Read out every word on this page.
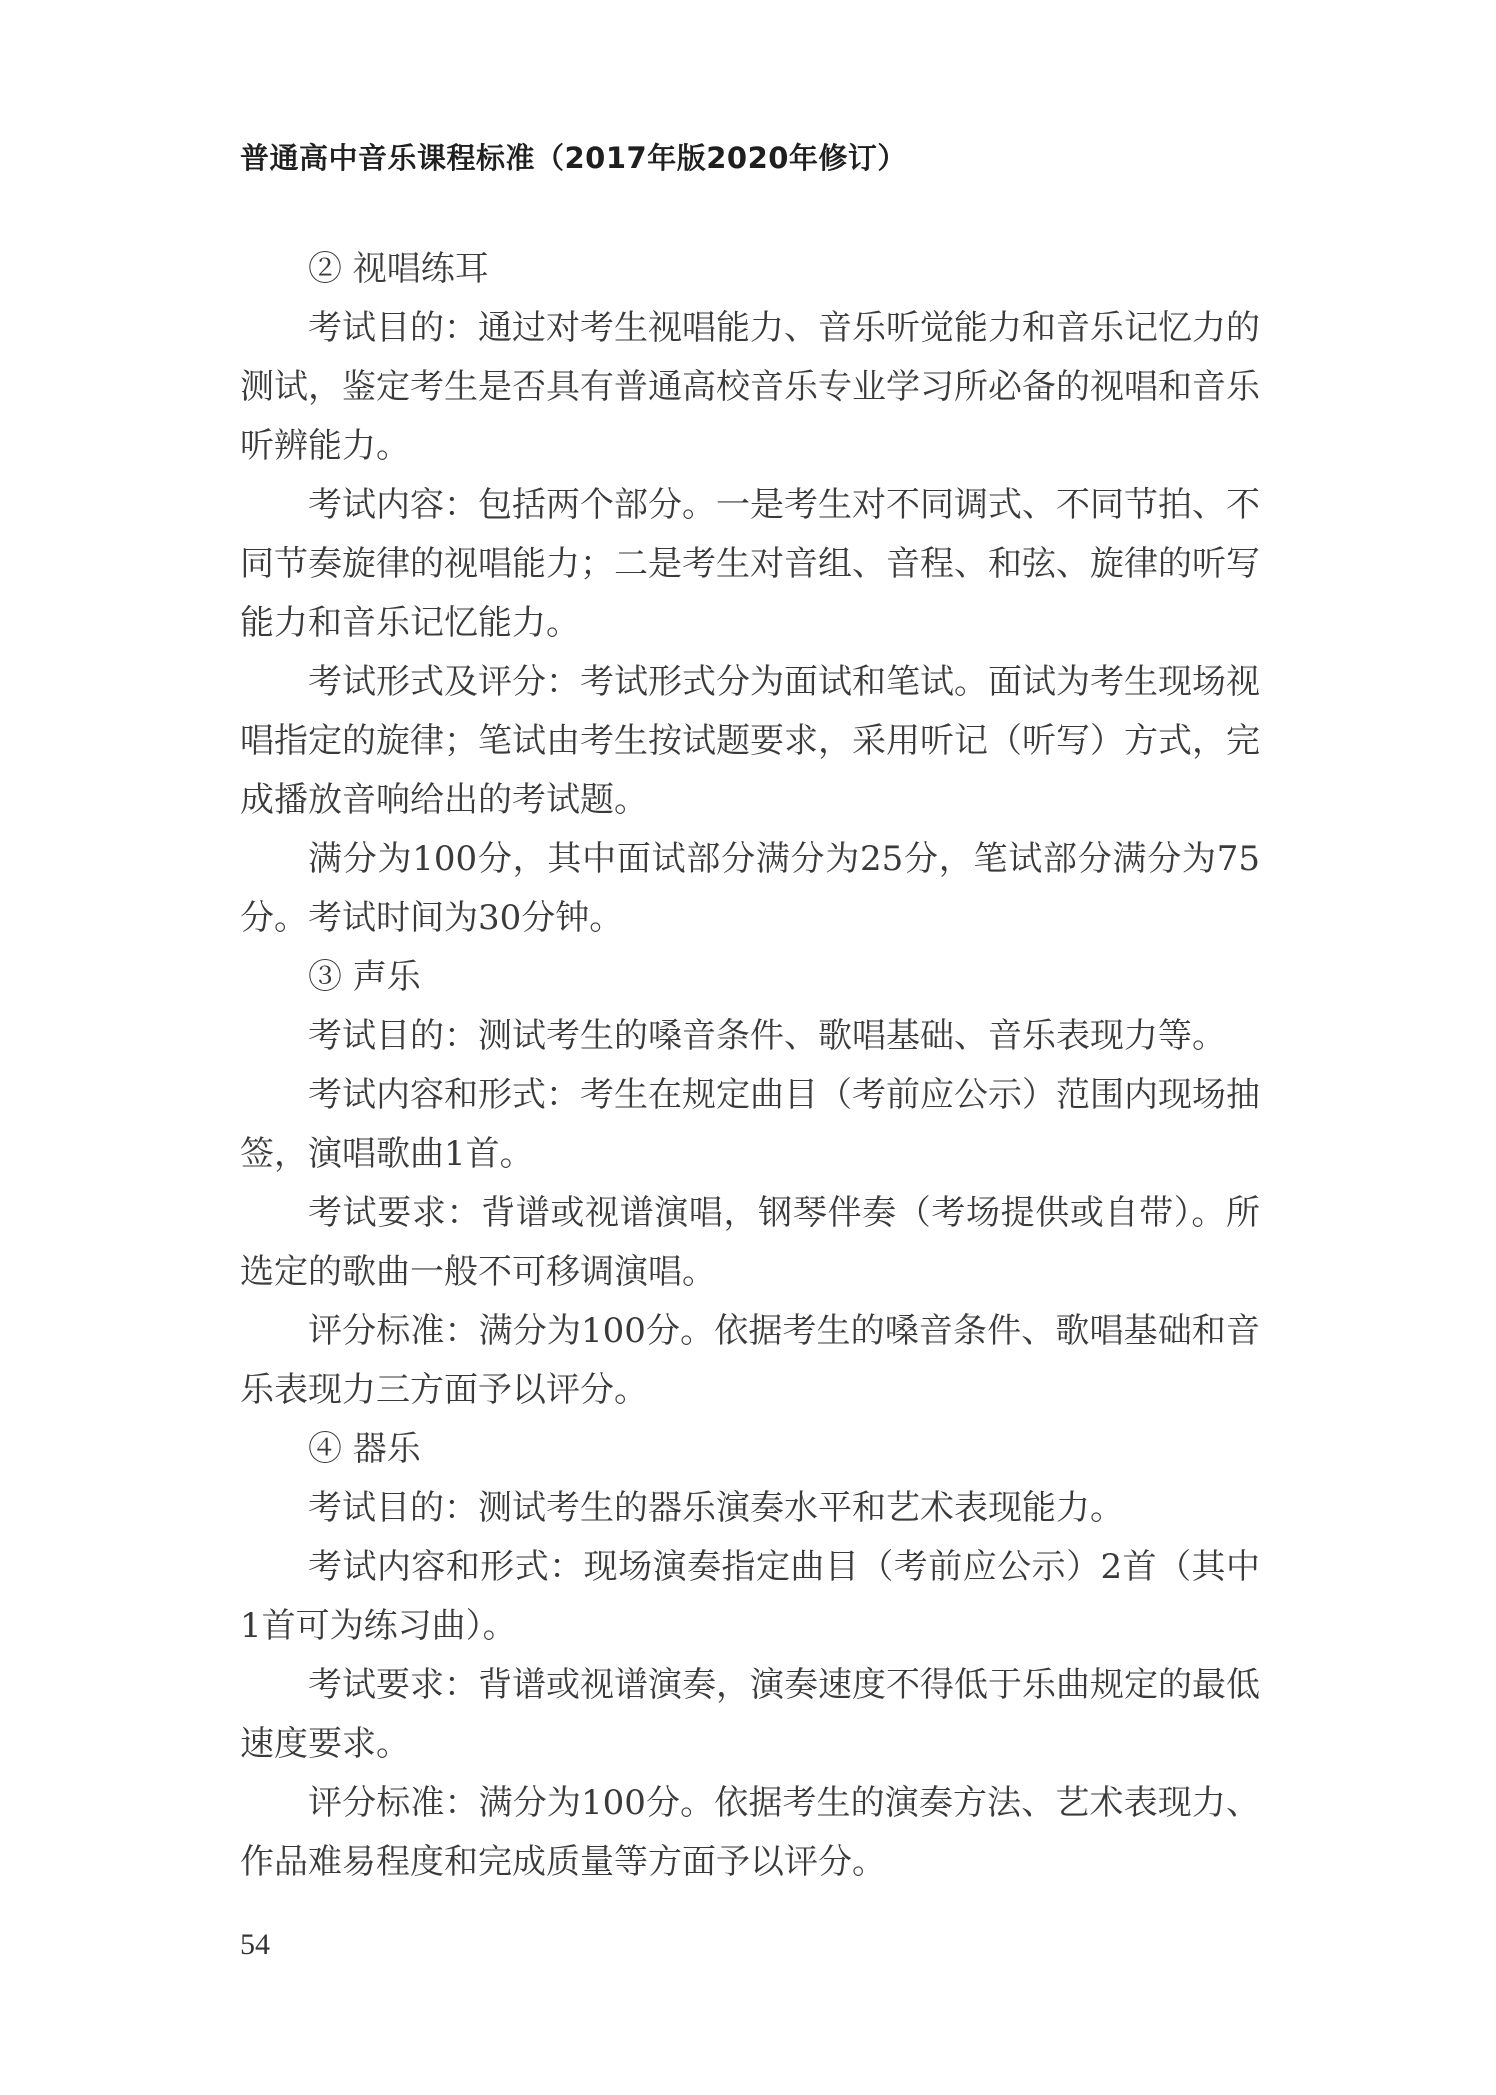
普通高中音乐课程标准（2017年版2020年修订）

② 视唱练耳

考试目的：通过对考生视唱能力、音乐听觉能力和音乐记忆力的测试，鉴定考生是否具有普通高校音乐专业学习所必备的视唱和音乐听辨能力。

考试内容：包括两个部分。一是考生对不同调式、不同节拍、不同节奏旋律的视唱能力；二是考生对音组、音程、和弦、旋律的听写能力和音乐记忆能力。

考试形式及评分：考试形式分为面试和笔试。面试为考生现场视唱指定的旋律；笔试由考生按试题要求，采用听记（听写）方式，完成播放音响给出的考试题。

满分为100分，其中面试部分满分为25分，笔试部分满分为75分。考试时间为30分钟。

③ 声乐

考试目的：测试考生的嗓音条件、歌唱基础、音乐表现力等。

考试内容和形式：考生在规定曲目（考前应公示）范围内现场抽签，演唱歌曲1首。

考试要求：背谱或视谱演唱，钢琴伴奏（考场提供或自带）。所选定的歌曲一般不可移调演唱。

评分标准：满分为100分。依据考生的嗓音条件、歌唱基础和音乐表现力三方面予以评分。

④ 器乐

考试目的：测试考生的器乐演奏水平和艺术表现能力。

考试内容和形式：现场演奏指定曲目（考前应公示）2首（其中1首可为练习曲）。

考试要求：背谱或视谱演奏，演奏速度不得低于乐曲规定的最低速度要求。

评分标准：满分为100分。依据考生的演奏方法、艺术表现力、作品难易程度和完成质量等方面予以评分。

54
